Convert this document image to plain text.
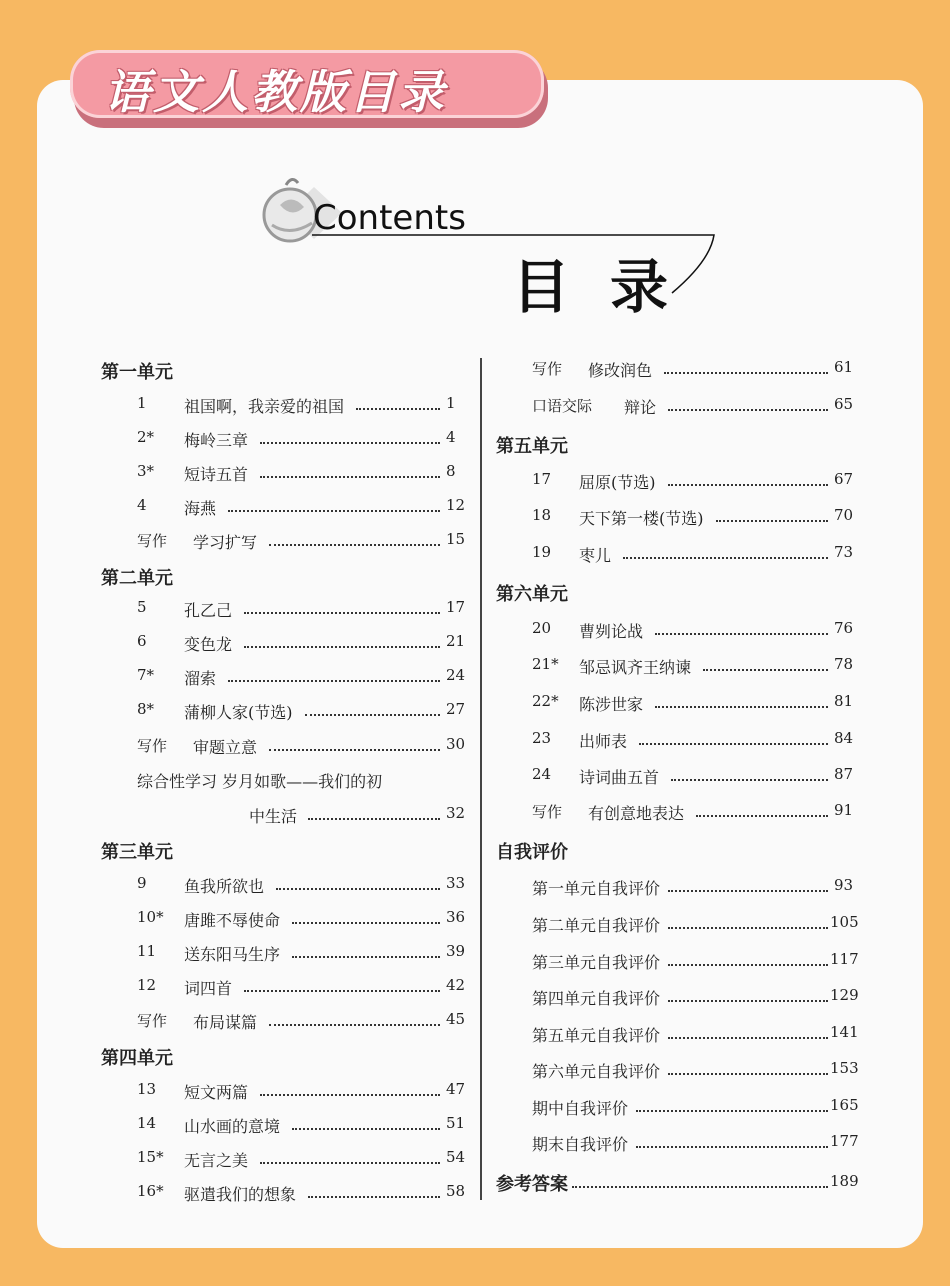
语文人教版目录
Contents
目录
第一单元
1 祖国啊，我亲爱的祖国	1
2* 梅岭三章	4
3* 短诗五首	8
4 海燕	12
写作 学习扩写	15
第二单元
5 孔乙己	17
6 变色龙	21
7* 溜索	24
8* 蒲柳人家(节选)	27
写作 审题立意	30
综合性学习 岁月如歌——我们的初
中生活	32
第三单元
9 鱼我所欲也	33
10* 唐雎不辱使命	36
11 送东阳马生序	39
12 词四首	42
写作 布局谋篇	45
第四单元
13 短文两篇	47
14 山水画的意境	51
15* 无言之美	54
16* 驱遣我们的想象	58
写作 修改润色	61
口语交际 辩论	65
第五单元
17 屈原(节选)	67
18 天下第一楼(节选)	70
19 枣儿	73
第六单元
20 曹刿论战	76
21* 邹忌讽齐王纳谏	78
22* 陈涉世家	81
23 出师表	84
24 诗词曲五首	87
写作 有创意地表达	91
自我评价
第一单元自我评价	93
第二单元自我评价	105
第三单元自我评价	117
第四单元自我评价	129
第五单元自我评价	141
第六单元自我评价	153
期中自我评价	165
期末自我评价	177
参考答案	189
